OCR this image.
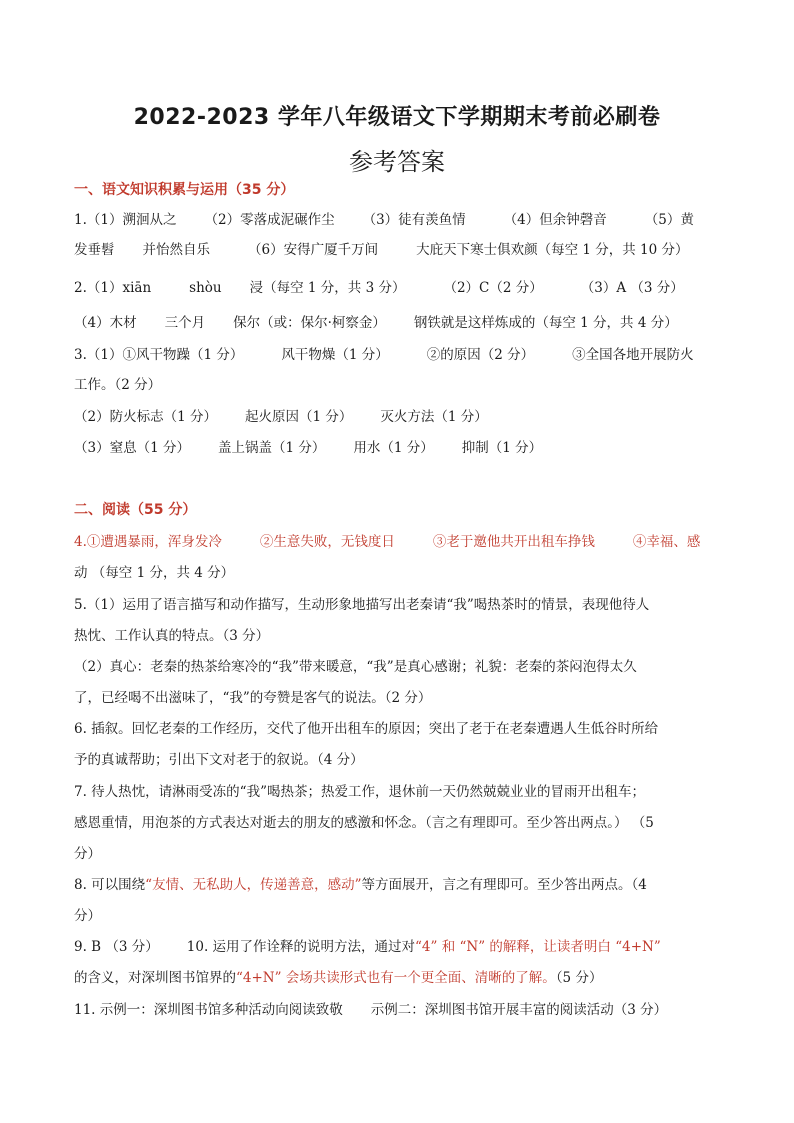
2022-2023 学年八年级语文下学期期末考前必刷卷
参考答案
一、语文知识积累与运用（35 分）
1.（1）溯洄从之 （2）零落成泥碾作尘 （3）徒有羡鱼情	（4）但余钟磬音	（5）黄
发垂髫 并怡然自乐	（6）安得广厦千万间	大庇天下寒士俱欢颜（每空 1 分，共 10 分）
2.（1）xiān	shòu 浸（每空 1 分，共 3 分）	（2）C（2 分）	（3）A （3 分）
（4）木材 三个月 保尔（或：保尔·柯察金） 钢铁就是这样炼成的（每空 1 分，共 4 分）
3.（1）①风干物躁（1 分）	风干物燥（1 分）	②的原因（2 分）	③全国各地开展防火
工作。（2 分）
（2）防火标志（1 分） 起火原因（1 分） 灭火方法（1 分）
（3）窒息（1 分） 盖上锅盖（1 分） 用水（1 分） 抑制（1 分）
二、阅读（55 分）
4.①遭遇暴雨，浑身发冷	②生意失败，无钱度日	③老于邀他共开出租车挣钱	④幸福、感
动 （每空 1 分，共 4 分）
5.（1）运用了语言描写和动作描写，生动形象地描写出老秦请“我”喝热茶时的情景，表现他待人
热忱、工作认真的特点。（3 分）
（2）真心：老秦的热茶给寒冷的“我”带来暖意，“我”是真心感谢；礼貌：老秦的茶闷泡得太久
了，已经喝不出滋味了，“我”的夸赞是客气的说法。（2 分）
6. 插叙。回忆老秦的工作经历，交代了他开出租车的原因；突出了老于在老秦遭遇人生低谷时所给
予的真诚帮助；引出下文对老于的叙说。（4 分）
7. 待人热忱，请淋雨受冻的“我”喝热茶；热爱工作，退休前一天仍然兢兢业业的冒雨开出租车；
感恩重情，用泡茶的方式表达对逝去的朋友的感激和怀念。（言之有理即可。至少答出两点。） （5
分）
8. 可以围绕“友情、无私助人，传递善意，感动”等方面展开，言之有理即可。至少答出两点。（4
分）
9. B （3 分） 10. 运用了作诠释的说明方法，通过对“4” 和 “N” 的解释，让读者明白 “4+N”
的含义，对深圳图书馆界的“4+N” 会场共读形式也有一个更全面、清晰的了解。（5 分）
11. 示例一：深圳图书馆多种活动向阅读致敬 示例二：深圳图书馆开展丰富的阅读活动（3 分）
